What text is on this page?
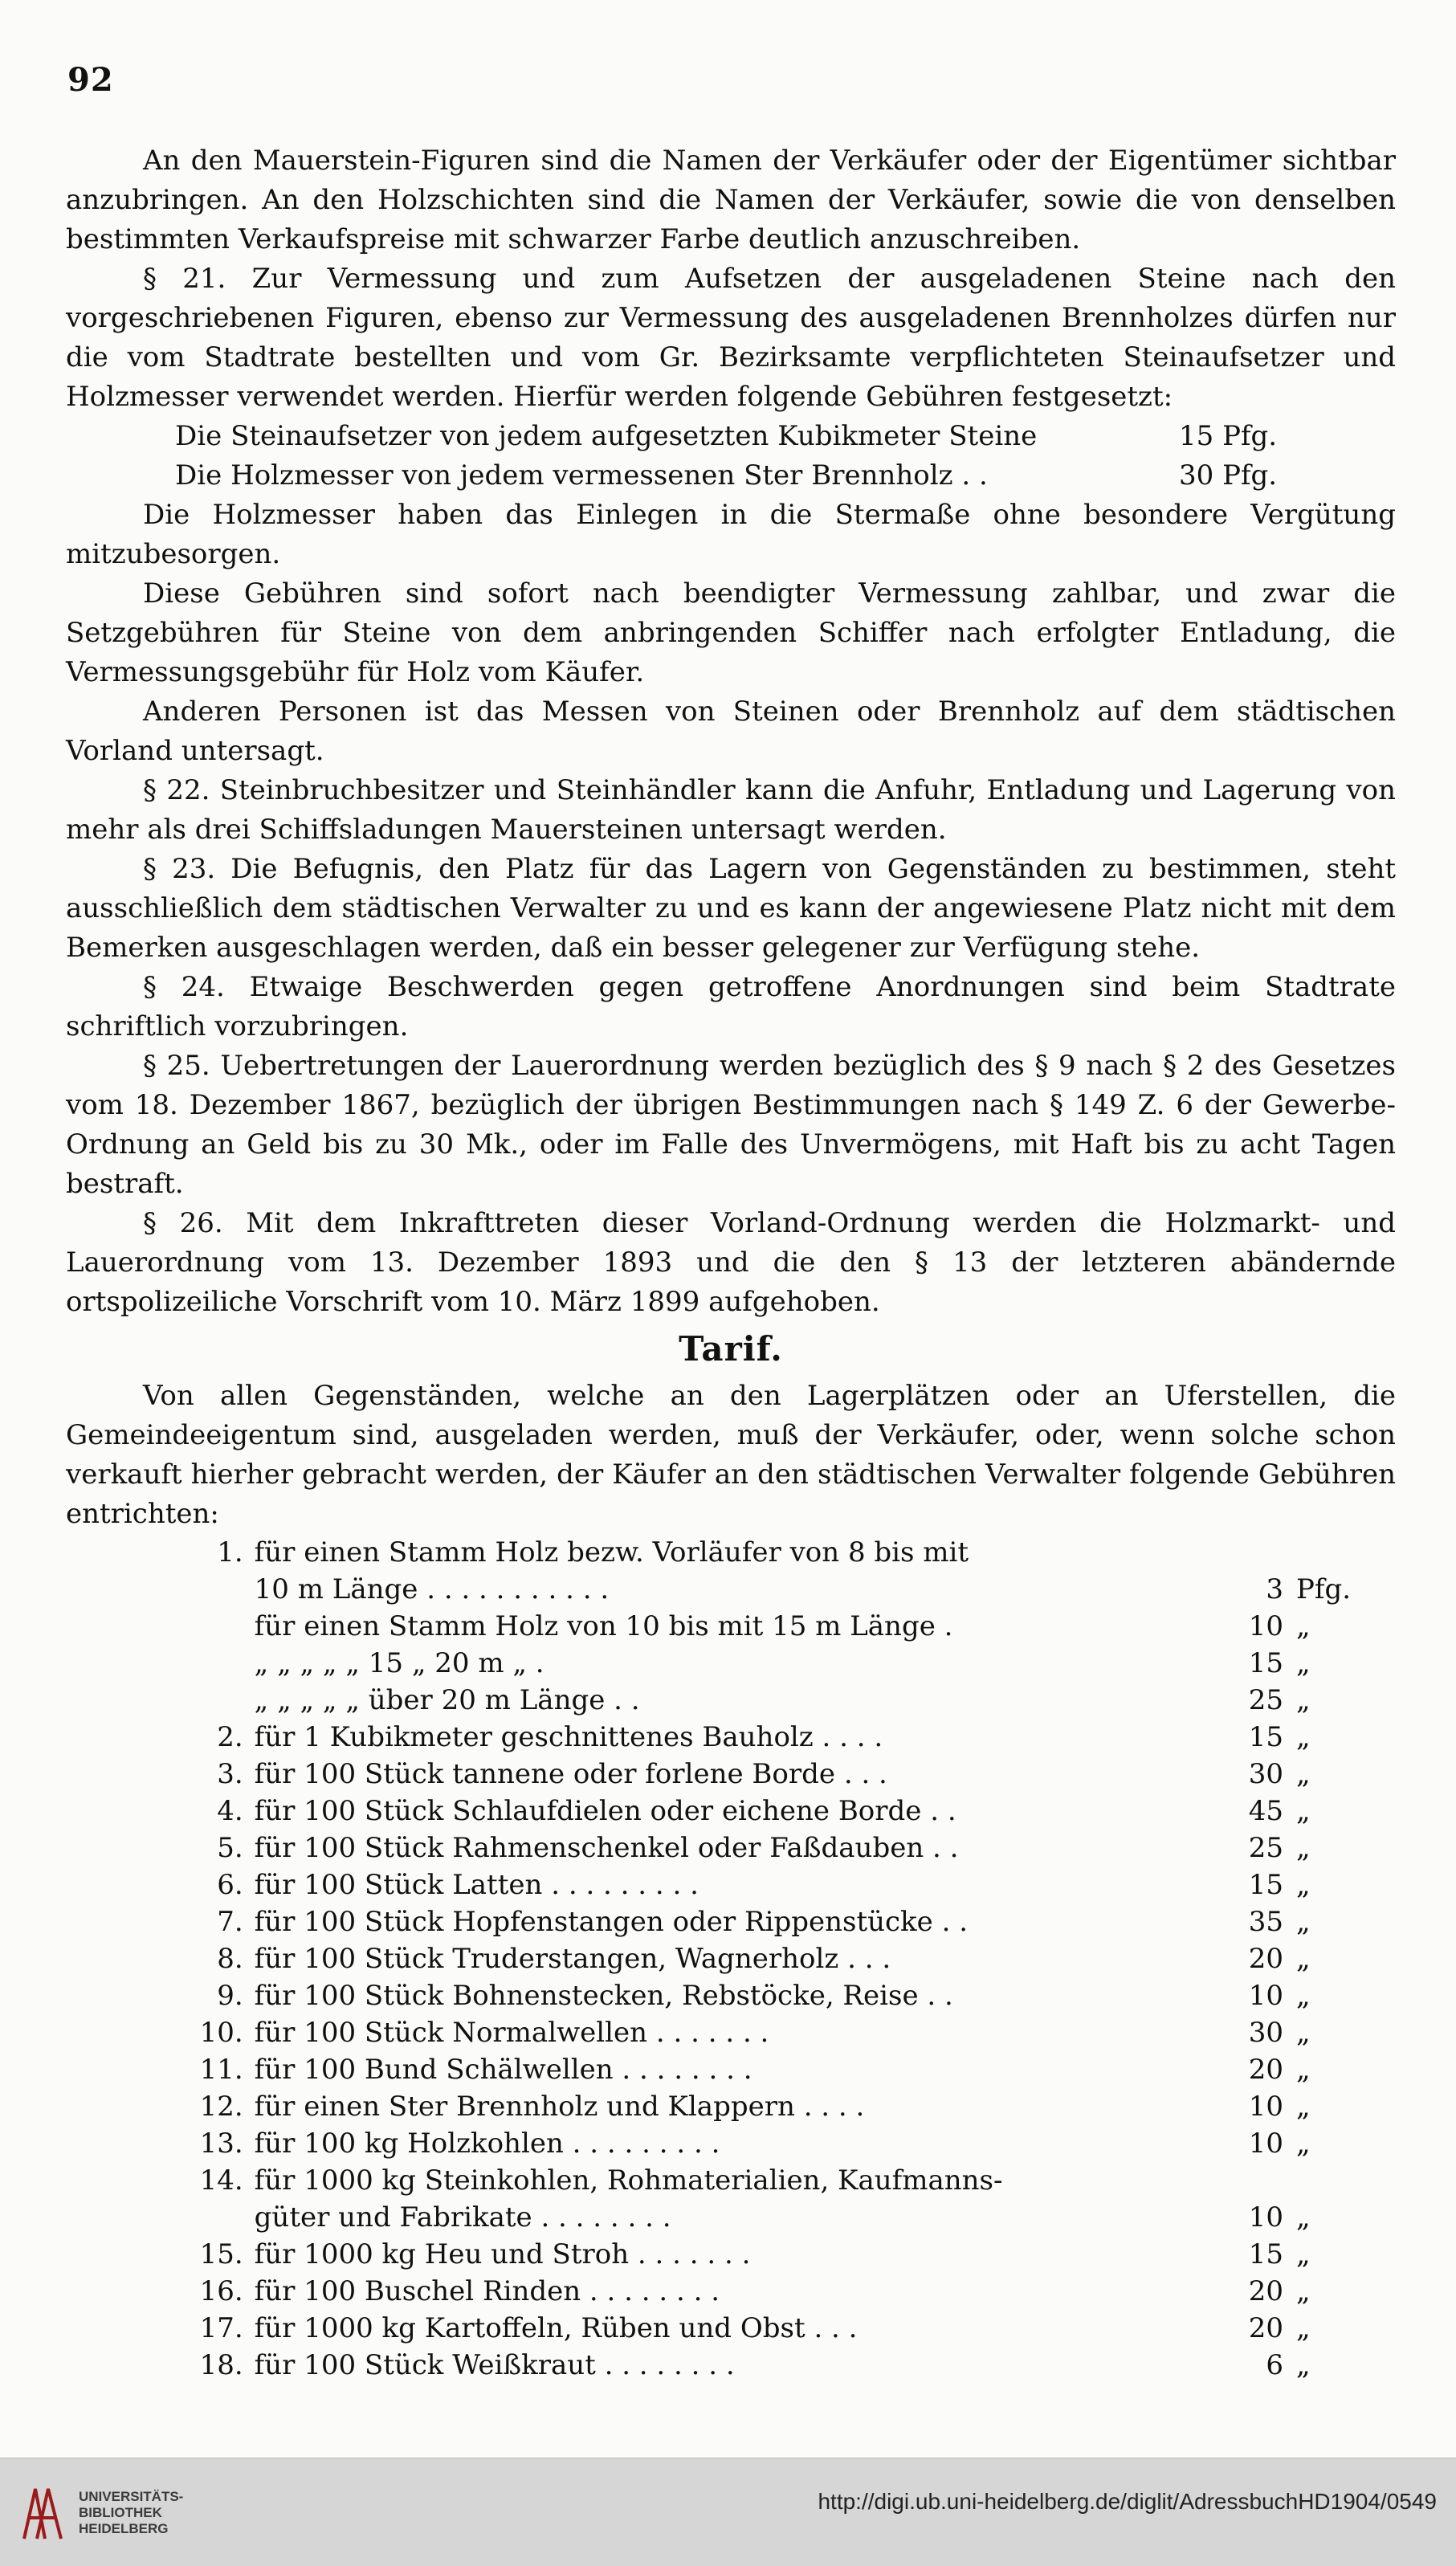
92

An den Mauerstein-Figuren sind die Namen der Verkäufer oder der Eigentümer sichtbar anzubringen. An den Holzschichten sind die Namen der Verkäufer, sowie die von denselben bestimmten Verkaufspreise mit schwarzer Farbe deutlich anzuschreiben.

§ 21. Zur Vermessung und zum Aufsetzen der ausgeladenen Steine nach den vorgeschriebenen Figuren, ebenso zur Vermessung des ausgeladenen Brennholzes dürfen nur die vom Stadtrate bestellten und vom Gr. Bezirksamte verpflichteten Steinaufsetzer und Holzmesser verwendet werden. Hierfür werden folgende Gebühren festgesetzt:

Die Steinaufsetzer von jedem aufgesetzten Kubikmeter Steine	15 Pfg.
Die Holzmesser von jedem vermessenen Ster Brennholz . .	30 Pfg.

Die Holzmesser haben das Einlegen in die Stermaße ohne besondere Vergütung mitzubesorgen.

Diese Gebühren sind sofort nach beendigter Vermessung zahlbar, und zwar die Setzgebühren für Steine von dem anbringenden Schiffer nach erfolgter Entladung, die Vermessungsgebühr für Holz vom Käufer.

Anderen Personen ist das Messen von Steinen oder Brennholz auf dem städtischen Vorland untersagt.

§ 22. Steinbruchbesitzer und Steinhändler kann die Anfuhr, Entladung und Lagerung von mehr als drei Schiffsladungen Mauersteinen untersagt werden.

§ 23. Die Befugnis, den Platz für das Lagern von Gegenständen zu bestimmen, steht ausschließlich dem städtischen Verwalter zu und es kann der angewiesene Platz nicht mit dem Bemerken ausgeschlagen werden, daß ein besser gelegener zur Verfügung stehe.

§ 24. Etwaige Beschwerden gegen getroffene Anordnungen sind beim Stadtrate schriftlich vorzubringen.

§ 25. Uebertretungen der Lauerordnung werden bezüglich des § 9 nach § 2 des Gesetzes vom 18. Dezember 1867, bezüglich der übrigen Bestimmungen nach § 149 Z. 6 der Gewerbe-Ordnung an Geld bis zu 30 Mk., oder im Falle des Unvermögens, mit Haft bis zu acht Tagen bestraft.

§ 26. Mit dem Inkrafttreten dieser Vorland-Ordnung werden die Holzmarkt- und Lauerordnung vom 13. Dezember 1893 und die den § 13 der letzteren abändernde ortspolizeiliche Vorschrift vom 10. März 1899 aufgehoben.

Tarif.

Von allen Gegenständen, welche an den Lagerplätzen oder an Uferstellen, die Gemeindeeigentum sind, ausgeladen werden, muß der Verkäufer, oder, wenn solche schon verkauft hierher gebracht werden, der Käufer an den städtischen Verwalter folgende Gebühren entrichten:

1.	für einen Stamm Holz bezw. Vorläufer von 8 bis mit		
	10 m Länge . . . . . . . . . . .	3	Pfg.
	für einen Stamm Holz von 10 bis mit 15 m Länge .	10	„
	„ „ „ „ „ 15 „ 20 m „ .	15	„
	„ „ „ „ „ über 20 m Länge . .	25	„
2.	für 1 Kubikmeter geschnittenes Bauholz . . . .	15	„
3.	für 100 Stück tannene oder forlene Borde . . .	30	„
4.	für 100 Stück Schlaufdielen oder eichene Borde . .	45	„
5.	für 100 Stück Rahmenschenkel oder Faßdauben . .	25	„
6.	für 100 Stück Latten . . . . . . . . .	15	„
7.	für 100 Stück Hopfenstangen oder Rippenstücke . .	35	„
8.	für 100 Stück Truderstangen, Wagnerholz . . .	20	„
9.	für 100 Stück Bohnenstecken, Rebstöcke, Reise . .	10	„
10.	für 100 Stück Normalwellen . . . . . . .	30	„
11.	für 100 Bund Schälwellen . . . . . . . .	20	„
12.	für einen Ster Brennholz und Klappern . . . .	10	„
13.	für 100 kg Holzkohlen . . . . . . . . .	10	„
14.	für 1000 kg Steinkohlen, Rohmaterialien, Kaufmanns-		
	güter und Fabrikate . . . . . . . .	10	„
15.	für 1000 kg Heu und Stroh . . . . . . .	15	„
16.	für 100 Buschel Rinden . . . . . . . .	20	„
17.	für 1000 kg Kartoffeln, Rüben und Obst . . .	20	„
18.	für 100 Stück Weißkraut . . . . . . . .	6	„
UNIVERSITÄTS-
BIBLIOTHEK
HEIDELBERG
http://digi.ub.uni-heidelberg.de/diglit/AdressbuchHD1904/0549
